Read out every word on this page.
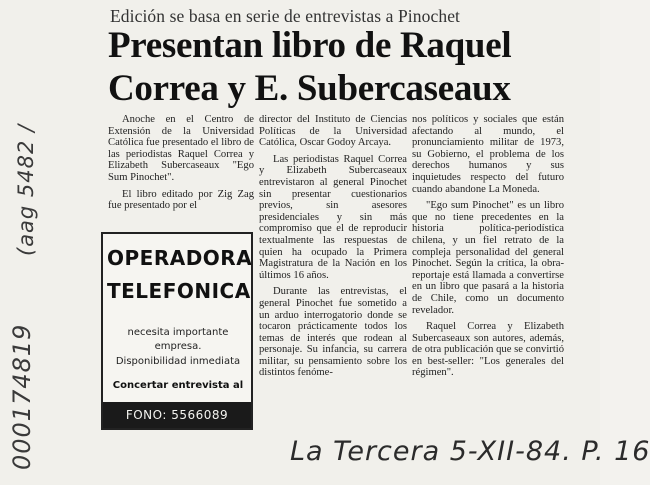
(aag 5482 /
000174819
Edición se basa en serie de entrevistas a Pinochet
Presentan libro de Raquel Correa y E. Subercaseaux

Anoche en el Centro de Extensión de la Universidad Católica fue presentado el libro de las periodistas Raquel Correa y Elizabeth Subercaseaux "Ego Sum Pinochet".

El libro editado por Zig Zag fue presentado por el

director del Instituto de Ciencias Políticas de la Universidad Católica, Oscar Godoy Arcaya.

Las periodistas Raquel Correa y Elizabeth Subercaseaux entrevistaron al general Pinochet sin presentar cuestionarios previos, sin asesores presidenciales y sin más compromiso que el de reproducir textualmente las respuestas de quien ha ocupado la Primera Magistratura de la Nación en los últimos 16 años.

Durante las entrevistas, el general Pinochet fue sometido a un arduo interrogatorio donde se tocaron prácticamente todos los temas de interés que rodean al personaje. Su infancia, su carrera militar, su pensamiento sobre los distintos fenóme-

nos políticos y sociales que están afectando al mundo, el pronunciamiento militar de 1973, su Gobierno, el problema de los derechos humanos y sus inquietudes respecto del futuro cuando abandone La Moneda.

"Ego sum Pinochet" es un libro que no tiene precedentes en la historia política-periodística chilena, y un fiel retrato de la compleja personalidad del general Pinochet. Según la crítica, la obra-reportaje está llamada a convertirse en un libro que pasará a la historia de Chile, como un documento revelador.

Raquel Correa y Elizabeth Subercaseaux son autores, además, de otra publicación que se convirtió en best-seller: "Los generales del régimen".

OPERADORA
TELEFONICA
necesita importante
empresa.
Disponibilidad inmediata
Concertar entrevista al
FONO: 5566089
La Tercera 5-XII-84. P. 16
